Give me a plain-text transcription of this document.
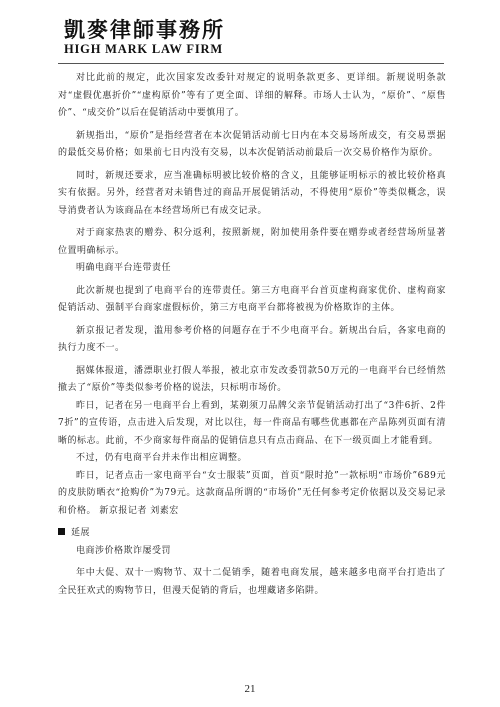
凱麥律師事務所
HIGH MARK LAW FIRM

对比此前的规定，此次国家发改委针对规定的说明条款更多、更详细。新规说明条款对“虚假优惠折价”“虚构原价”等有了更全面、详细的解释。市场人士认为，“原价”、“原售价”、“成交价”以后在促销活动中要慎用了。

新规指出，“原价”是指经营者在本次促销活动前七日内在本交易场所成交，有交易票据的最低交易价格；如果前七日内没有交易，以本次促销活动前最后一次交易价格作为原价。

同时，新规还要求，应当准确标明被比较价格的含义，且能够证明标示的被比较价格真实有依据。另外，经营者对未销售过的商品开展促销活动，不得使用“原价”等类似概念，误导消费者认为该商品在本经营场所已有成交记录。

对于商家热衷的赠券、积分返利，按照新规，附加使用条件要在赠券或者经营场所显著位置明确标示。

明确电商平台连带责任

此次新规也提到了电商平台的连带责任。第三方电商平台首页虚构商家优价、虚构商家促销活动、强制平台商家虚假标价，第三方电商平台都将被视为价格欺诈的主体。

新京报记者发现，滥用参考价格的问题存在于不少电商平台。新规出台后，各家电商的执行力度不一。

据媒体报道，潘漂职业打假人举报，被北京市发改委罚款50万元的一电商平台已经悄然撤去了“原价”等类似参考价格的说法，只标明市场价。

昨日，记者在另一电商平台上看到，某剃须刀品牌父亲节促销活动打出了“3件6折、2件7折”的宣传语，点击进入后发现，对比以往，每一件商品有哪些优惠都在产品陈列页面有清晰的标志。此前，不少商家每件商品的促销信息只有点击商品、在下一级页面上才能看到。

不过，仍有电商平台并未作出相应调整。

昨日，记者点击一家电商平台“女士服装”页面，首页“限时抢”一款标明“市场价”689元的皮肤防晒衣“抢购价”为79元。这款商品所谓的“市场价”无任何参考定价依据以及交易记录和价格。 新京报记者 刘素宏

延展

电商涉价格欺诈屡受罚

年中大促、双十一购物节、双十二促销季，随着电商发展，越来越多电商平台打造出了全民狂欢式的购物节日，但漫天促销的背后，也埋藏诸多陷阱。

21
